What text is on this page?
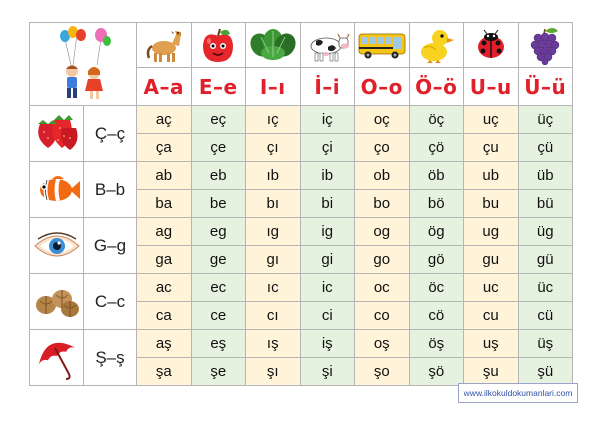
		A–a	E–e	I–ı	İ–i	O–o	Ö–ö	U–u	Ü–ü

	Ç–ç	aç	eç	ıç	iç	oç	öç	uç	üç
		ça	çe	çı	çi	ço	çö	çu	çü

	B–b	ab	eb	ıb	ib	ob	öb	ub	üb
		ba	be	bı	bi	bo	bö	bu	bü

	G–g	ag	eg	ıg	ig	og	ög	ug	üg
		ga	ge	gı	gi	go	gö	gu	gü

	C–c	ac	ec	ıc	ic	oc	öc	uc	üc
		ca	ce	cı	ci	co	cö	cu	cü

	Ş–ş	aş	eş	ış	iş	oş	öş	uş	üş
		şa	şe	şı	şi	şo	şö	şu	şü
www.ilkokuldokumanlari.com
